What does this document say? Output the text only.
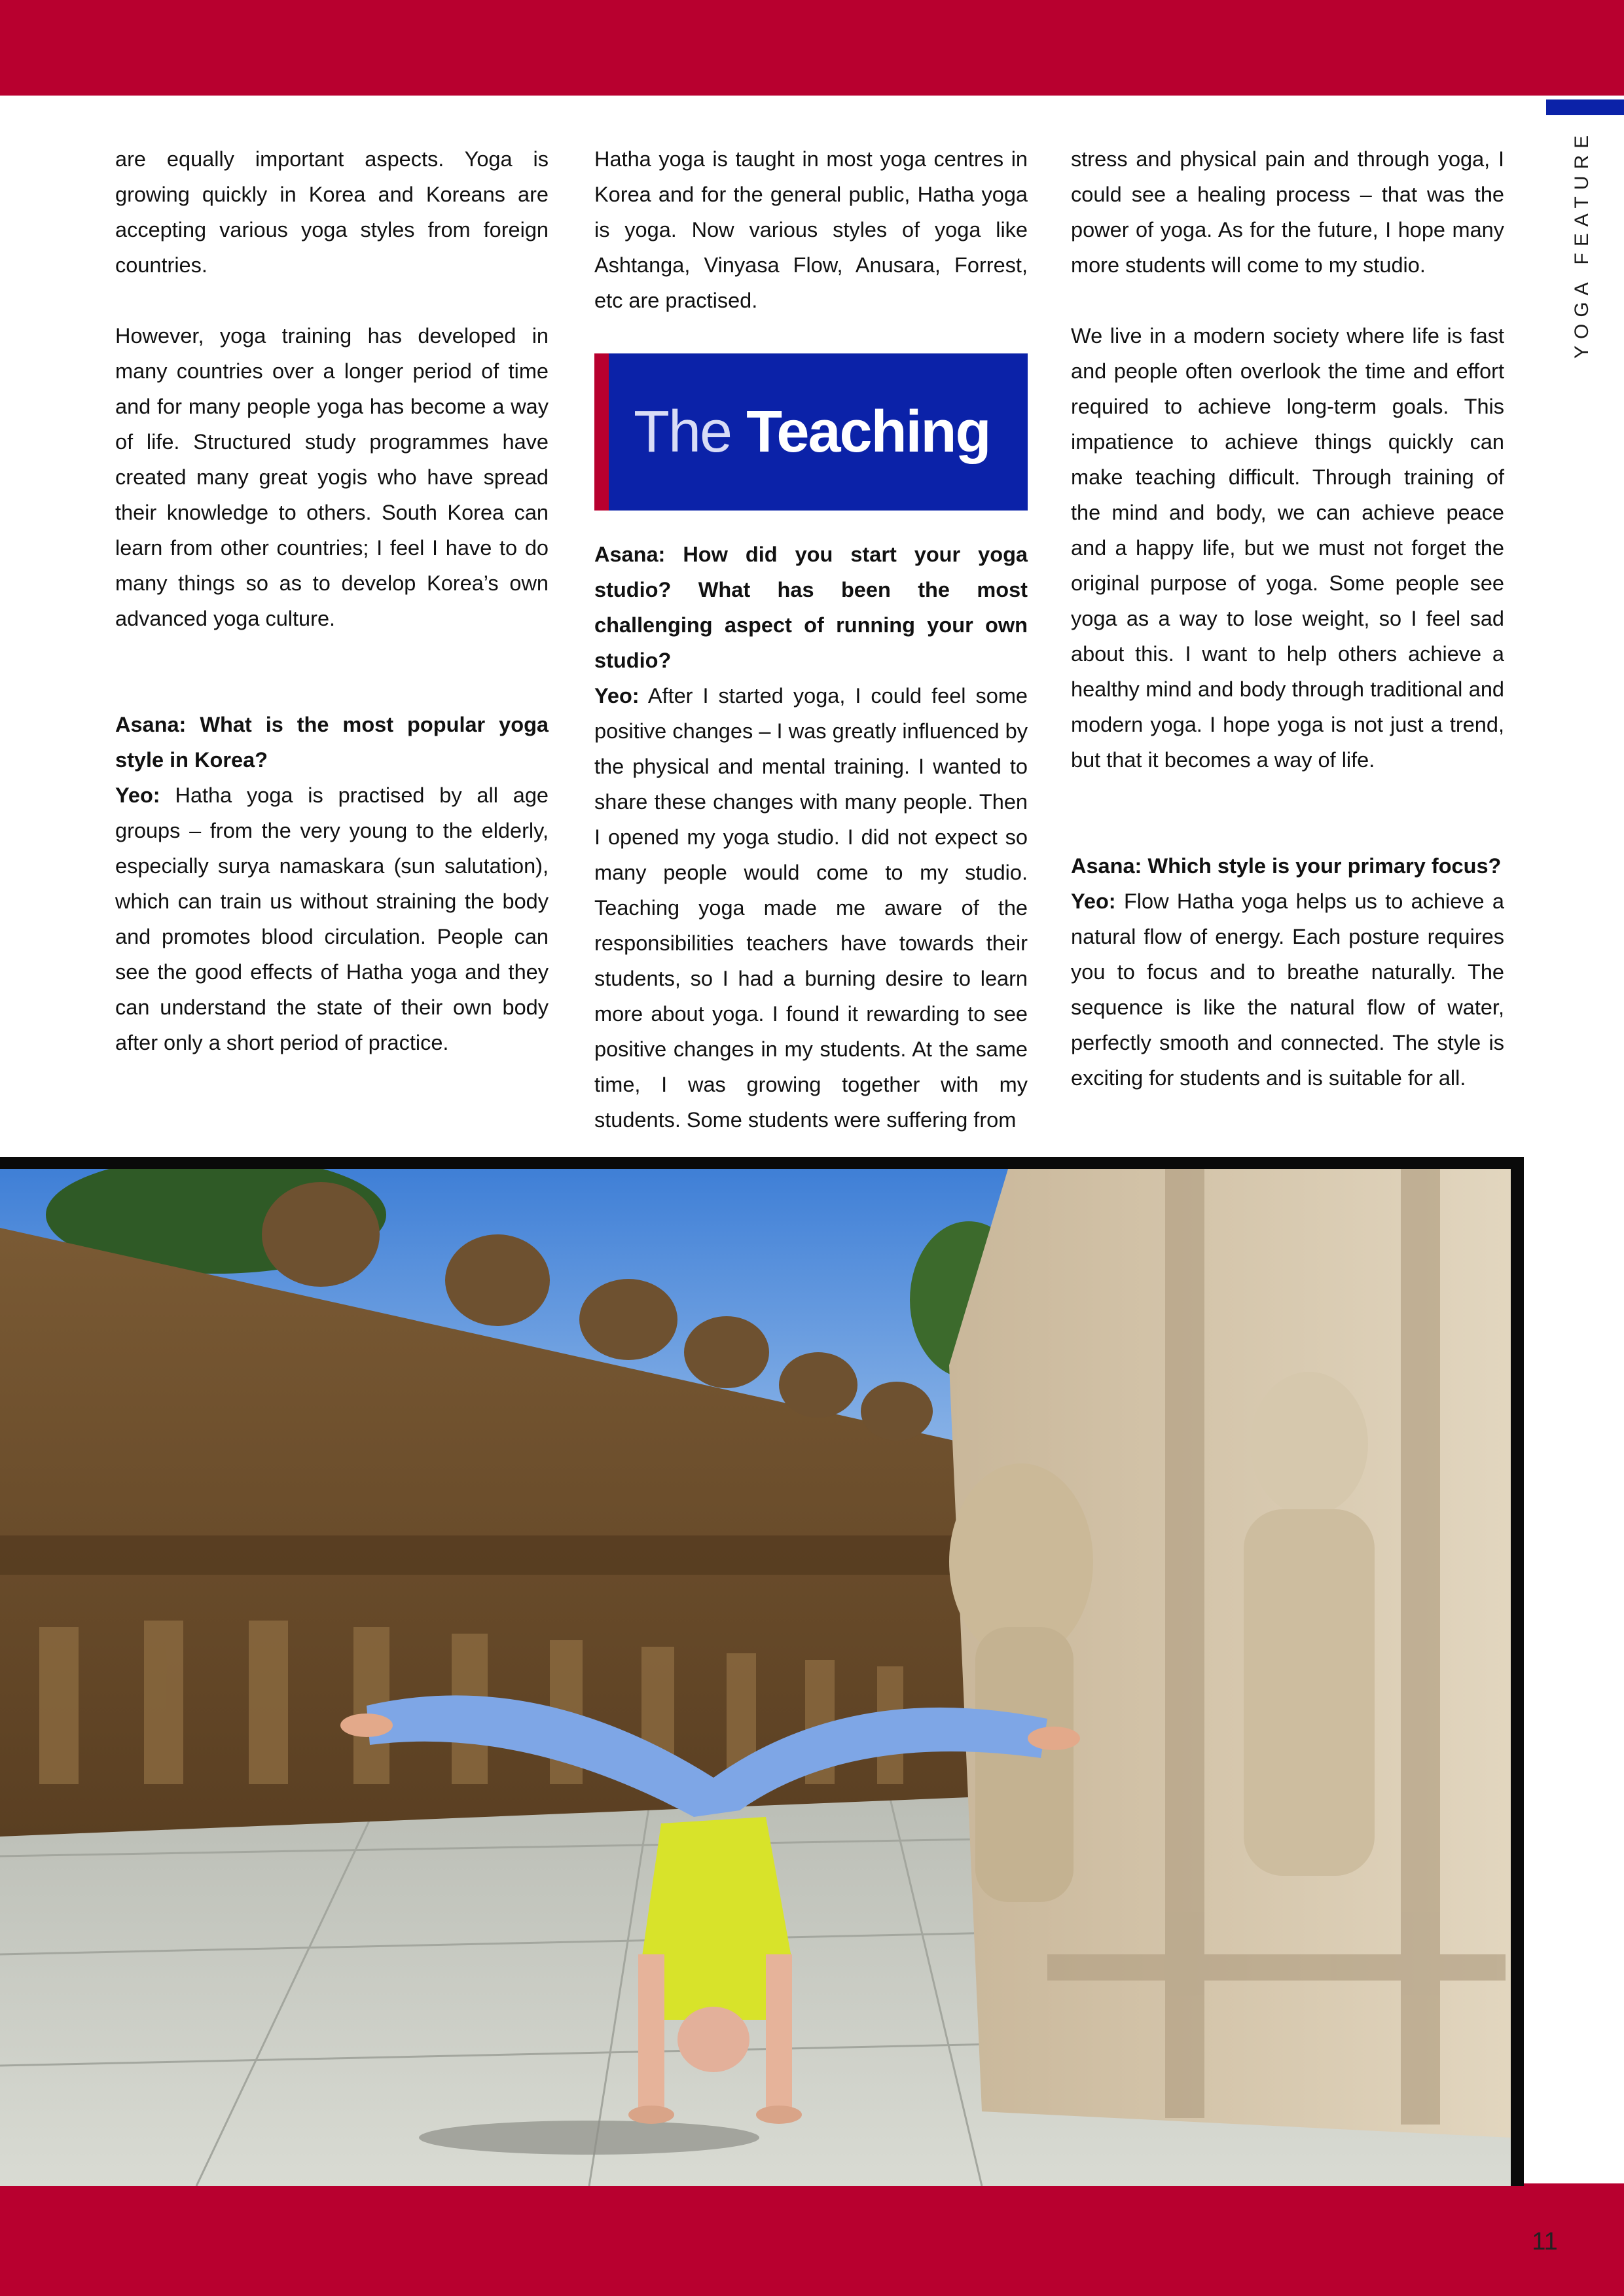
YOGA FEATURE

are equally important aspects. Yoga is growing quickly in Korea and Koreans are accepting various yoga styles from foreign countries.

However, yoga training has developed in many countries over a longer period of time and for many people yoga has become a way of life. Structured study programmes have created many great yogis who have spread their knowledge to others. South Korea can learn from other countries; I feel I have to do many things so as to develop Korea’s own advanced yoga culture.

Asana: What is the most popular yoga style in Korea?

Yeo: Hatha yoga is practised by all age groups – from the very young to the elderly, especially surya namaskara (sun salutation), which can train us without straining the body and promotes blood circulation. People can see the good effects of Hatha yoga and they can understand the state of their own body after only a short period of practice.

Hatha yoga is taught in most yoga centres in Korea and for the general public, Hatha yoga is yoga. Now various styles of yoga like Ashtanga, Vinyasa Flow, Anusara, Forrest, etc are practised.

The Teaching

Asana: How did you start your yoga studio? What has been the most challenging aspect of running your own studio?

Yeo: After I started yoga, I could feel some positive changes – I was greatly influenced by the physical and mental training. I wanted to share these changes with many people. Then I opened my yoga studio. I did not expect so many people would come to my studio. Teaching yoga made me aware of the responsibilities teachers have towards their students, so I had a burning desire to learn more about yoga. I found it rewarding to see positive changes in my students. At the same time, I was growing together with my students. Some students were suffering from

stress and physical pain and through yoga, I could see a healing process – that was the power of yoga. As for the future, I hope many more students will come to my studio.

We live in a modern society where life is fast and people often overlook the time and effort required to achieve long-term goals. This impatience to achieve things quickly can make teaching difficult. Through training of the mind and body, we can achieve peace and a happy life, but we must not forget the original purpose of yoga. Some people see yoga as a way to lose weight, so I feel sad about this. I want to help others achieve a healthy mind and body through traditional and modern yoga. I hope yoga is not just a trend, but that it becomes a way of life.

Asana: Which style is your primary focus?

Yeo: Flow Hatha yoga helps us to achieve a natural flow of energy. Each posture requires you to focus and to breathe naturally. The sequence is like the natural flow of water, perfectly smooth and connected. The style is exciting for students and is suitable for all.

11
